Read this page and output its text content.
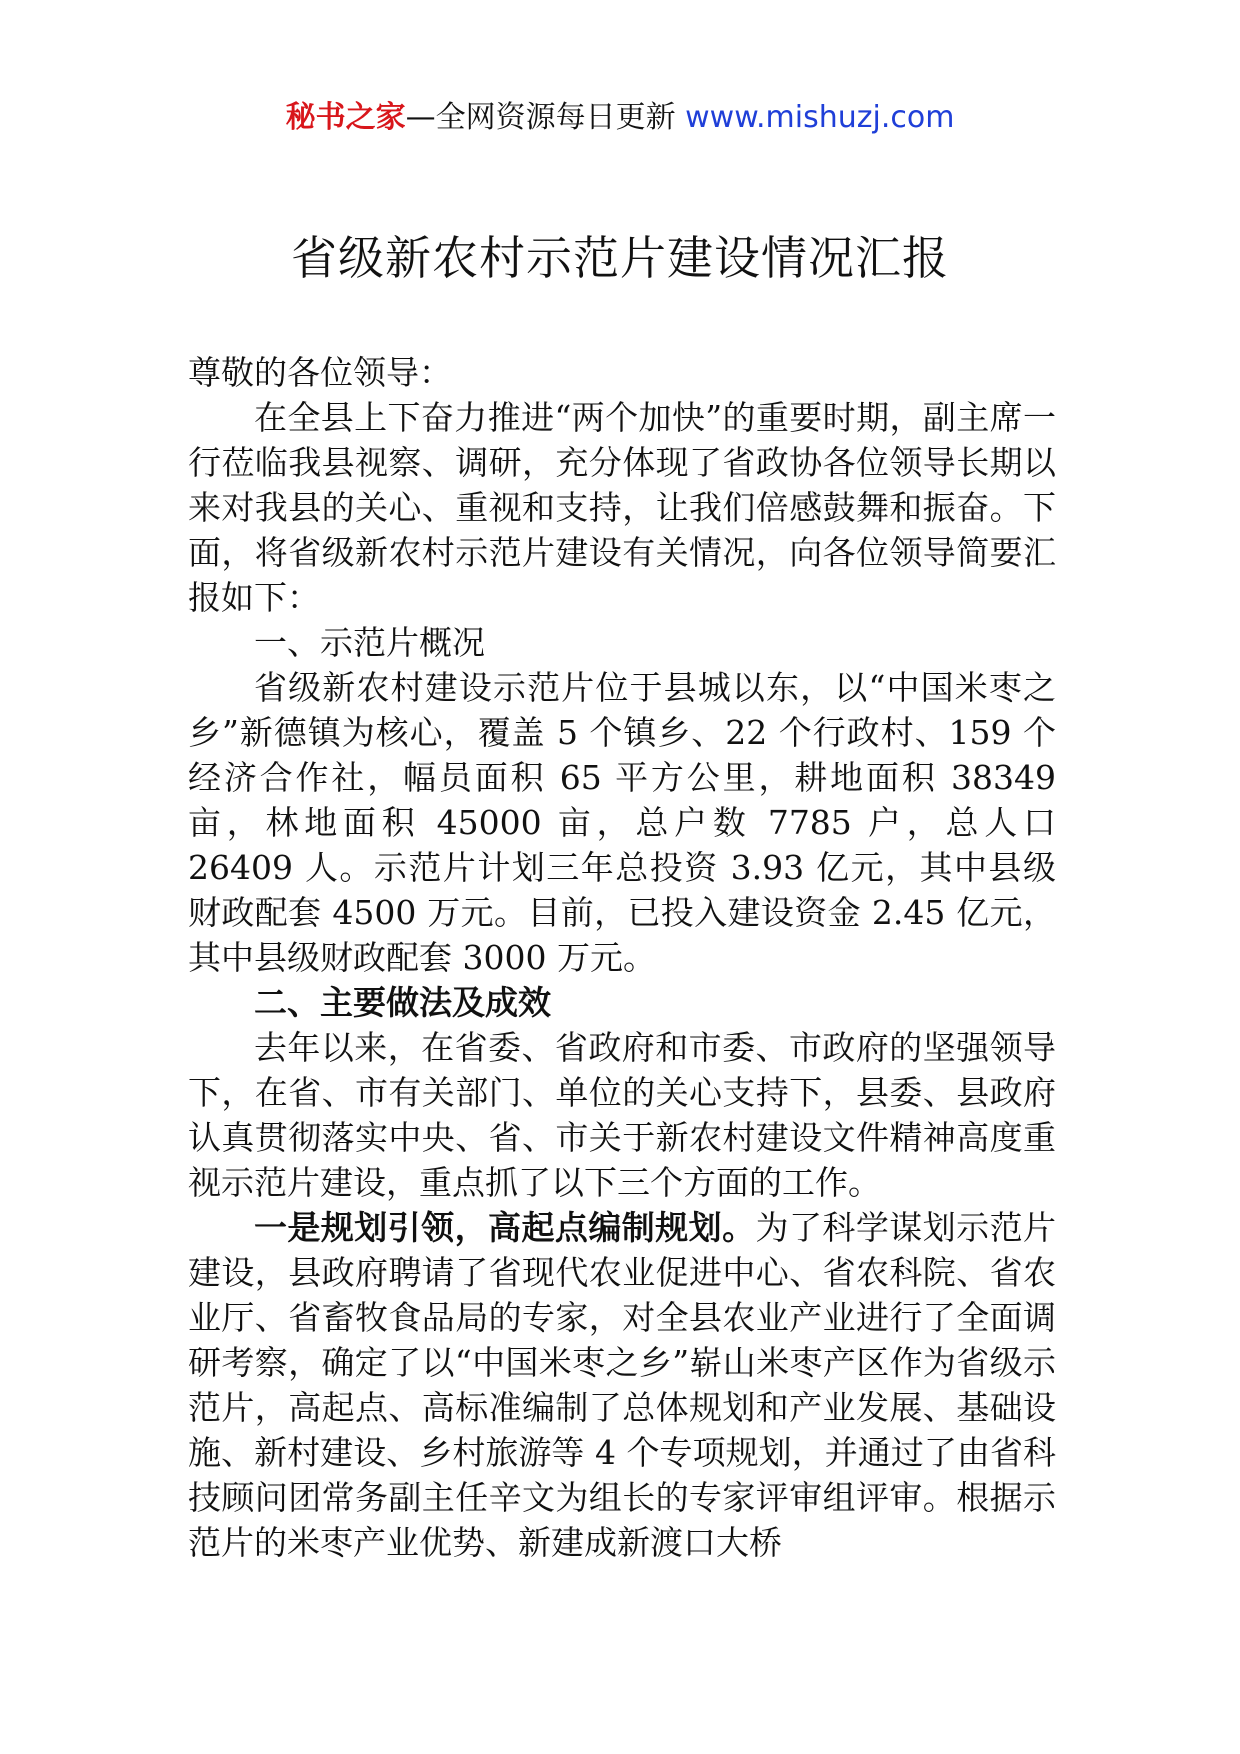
秘书之家—全网资源每日更新 www.mishuzj.com
省级新农村示范片建设情况汇报

尊敬的各位领导：

在全县上下奋力推进“两个加快”的重要时期，副主席一行莅临我县视察、调研，充分体现了省政协各位领导长期以来对我县的关心、重视和支持，让我们倍感鼓舞和振奋。下面，将省级新农村示范片建设有关情况，向各位领导简要汇报如下：

一、示范片概况

省级新农村建设示范片位于县城以东，以“中国米枣之乡”新德镇为核心，覆盖 5 个镇乡、22 个行政村、159 个经济合作社，幅员面积 65 平方公里，耕地面积 38349 亩，林地面积 45000 亩，总户数 7785 户，总人口 26409 人。示范片计划三年总投资 3.93 亿元，其中县级财政配套 4500 万元。目前，已投入建设资金 2.45 亿元，其中县级财政配套 3000 万元。

二、主要做法及成效

去年以来，在省委、省政府和市委、市政府的坚强领导下，在省、市有关部门、单位的关心支持下，县委、县政府认真贯彻落实中央、省、市关于新农村建设文件精神高度重视示范片建设，重点抓了以下三个方面的工作。

一是规划引领，高起点编制规划。为了科学谋划示范片建设，县政府聘请了省现代农业促进中心、省农科院、省农业厅、省畜牧食品局的专家，对全县农业产业进行了全面调研考察，确定了以“中国米枣之乡”崭山米枣产区作为省级示范片，高起点、高标准编制了总体规划和产业发展、基础设施、新村建设、乡村旅游等 4 个专项规划，并通过了由省科技顾问团常务副主任辛文为组长的专家评审组评审。根据示范片的米枣产业优势、新建成新渡口大桥
